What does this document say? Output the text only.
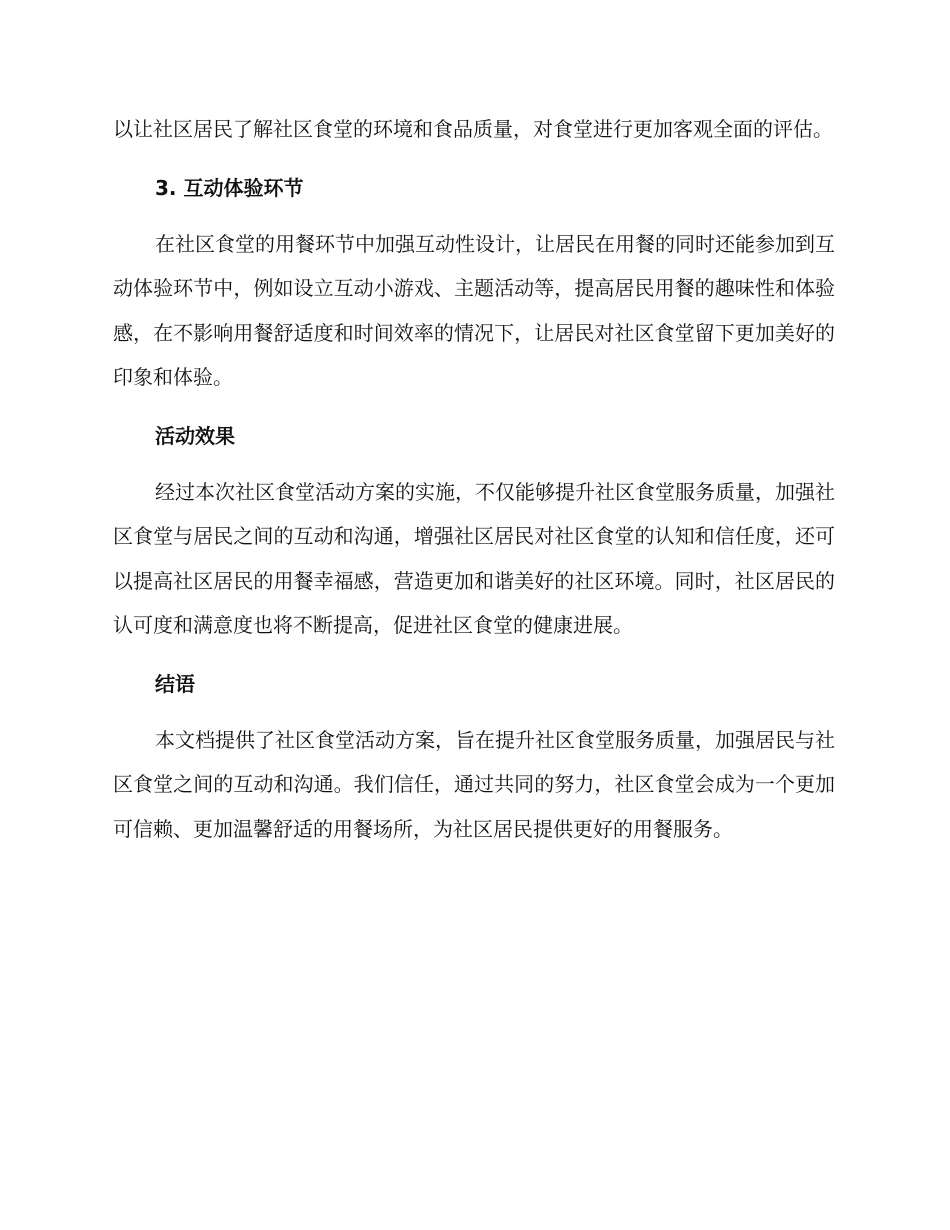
以让社区居民了解社区食堂的环境和食品质量，对食堂进行更加客观全面的评估。

3. 互动体验环节

在社区食堂的用餐环节中加强互动性设计，让居民在用餐的同时还能参加到互动体验环节中，例如设立互动小游戏、主题活动等，提高居民用餐的趣味性和体验感，在不影响用餐舒适度和时间效率的情况下，让居民对社区食堂留下更加美好的印象和体验。

活动效果

经过本次社区食堂活动方案的实施，不仅能够提升社区食堂服务质量，加强社区食堂与居民之间的互动和沟通，增强社区居民对社区食堂的认知和信任度，还可以提高社区居民的用餐幸福感，营造更加和谐美好的社区环境。同时，社区居民的认可度和满意度也将不断提高，促进社区食堂的健康进展。

结语

本文档提供了社区食堂活动方案，旨在提升社区食堂服务质量，加强居民与社区食堂之间的互动和沟通。我们信任，通过共同的努力，社区食堂会成为一个更加可信赖、更加温馨舒适的用餐场所，为社区居民提供更好的用餐服务。
